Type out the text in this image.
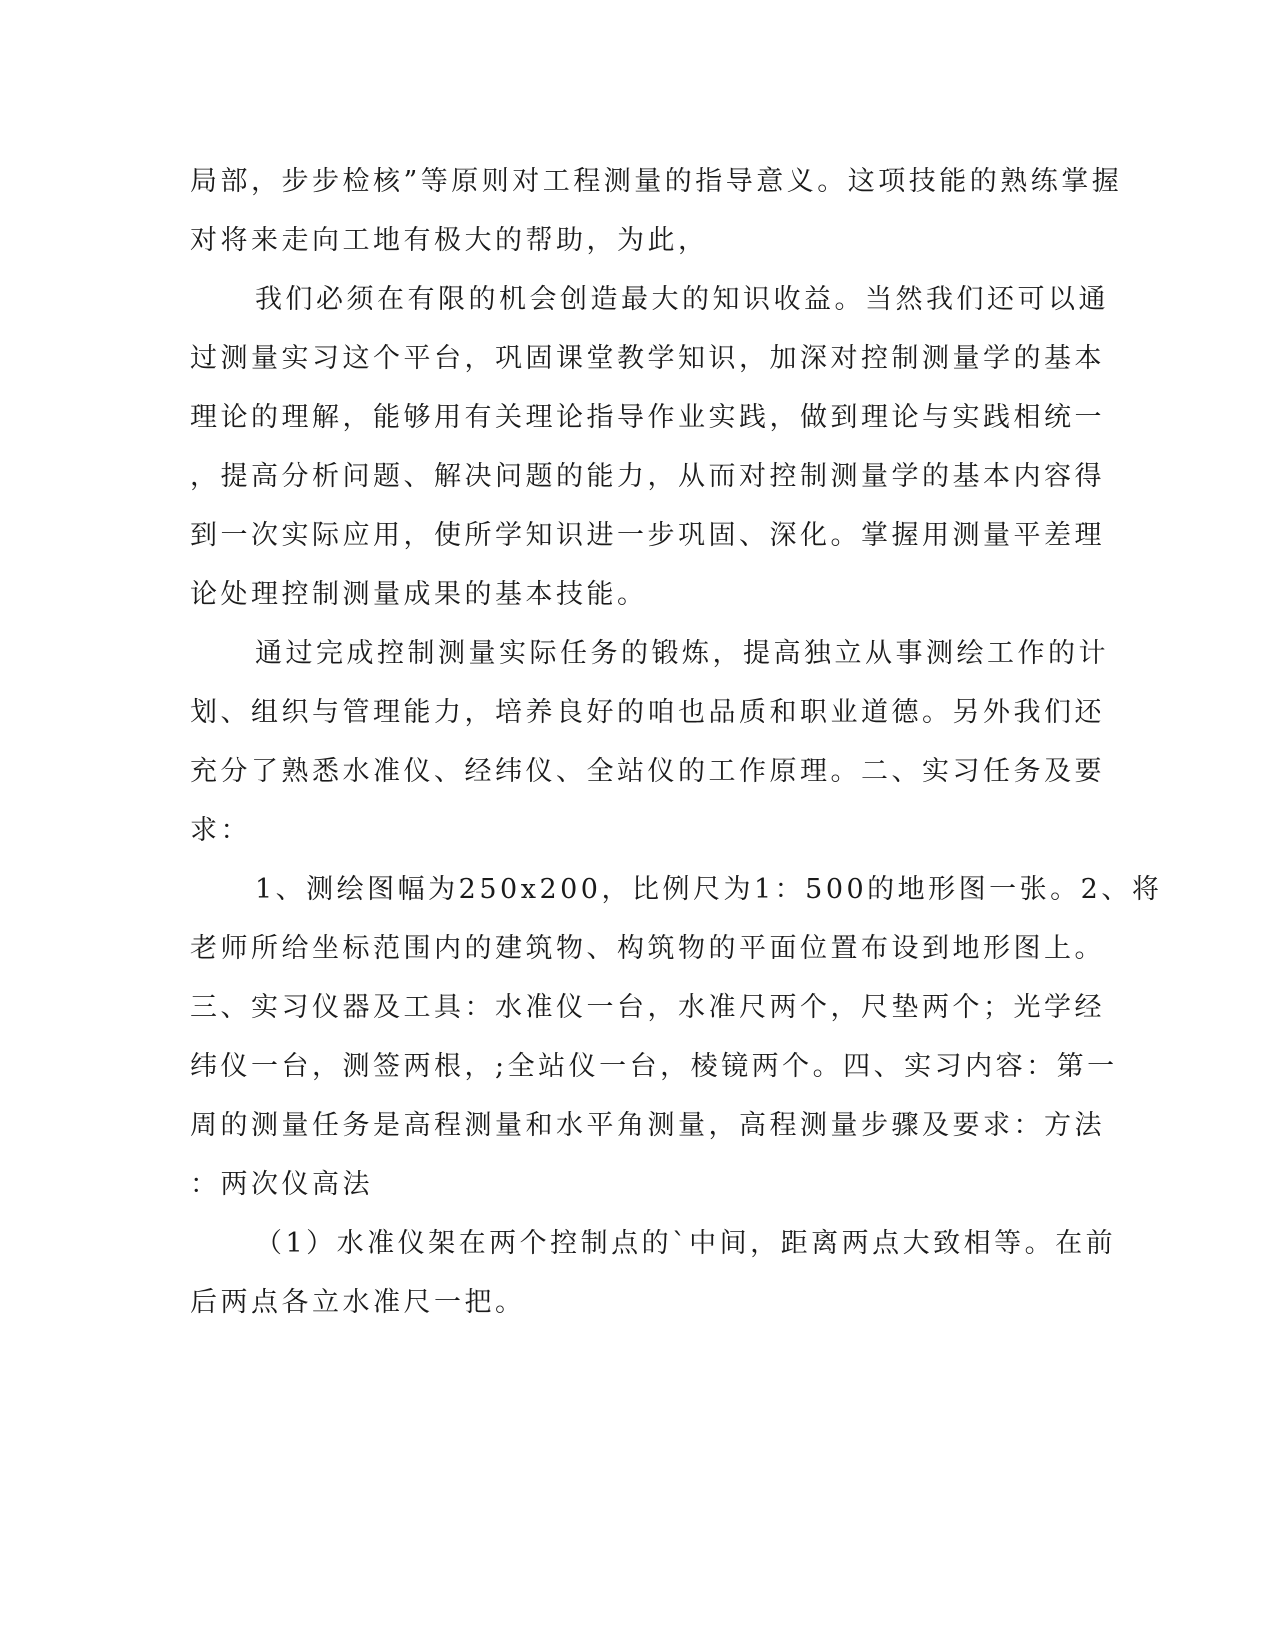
局部，步步检核”等原则对工程测量的指导意义。这项技能的熟练掌握
对将来走向工地有极大的帮助，为此，
我们必须在有限的机会创造最大的知识收益。当然我们还可以通
过测量实习这个平台，巩固课堂教学知识，加深对控制测量学的基本
理论的理解，能够用有关理论指导作业实践，做到理论与实践相统一
，提高分析问题、解决问题的能力，从而对控制测量学的基本内容得
到一次实际应用，使所学知识进一步巩固、深化。掌握用测量平差理
论处理控制测量成果的基本技能。
通过完成控制测量实际任务的锻炼，提高独立从事测绘工作的计
划、组织与管理能力，培养良好的咱也品质和职业道德。另外我们还
充分了熟悉水准仪、经纬仪、全站仪的工作原理。二、实习任务及要
求：
1、测绘图幅为250x200，比例尺为1：500的地形图一张。2、将
老师所给坐标范围内的建筑物、构筑物的平面位置布设到地形图上。
三、实习仪器及工具：水准仪一台，水准尺两个，尺垫两个；光学经
纬仪一台，测签两根，;全站仪一台，棱镜两个。四、实习内容：第一
周的测量任务是高程测量和水平角测量，高程测量步骤及要求：方法
：两次仪高法
（1）水准仪架在两个控制点的`中间，距离两点大致相等。在前
后两点各立水准尺一把。
